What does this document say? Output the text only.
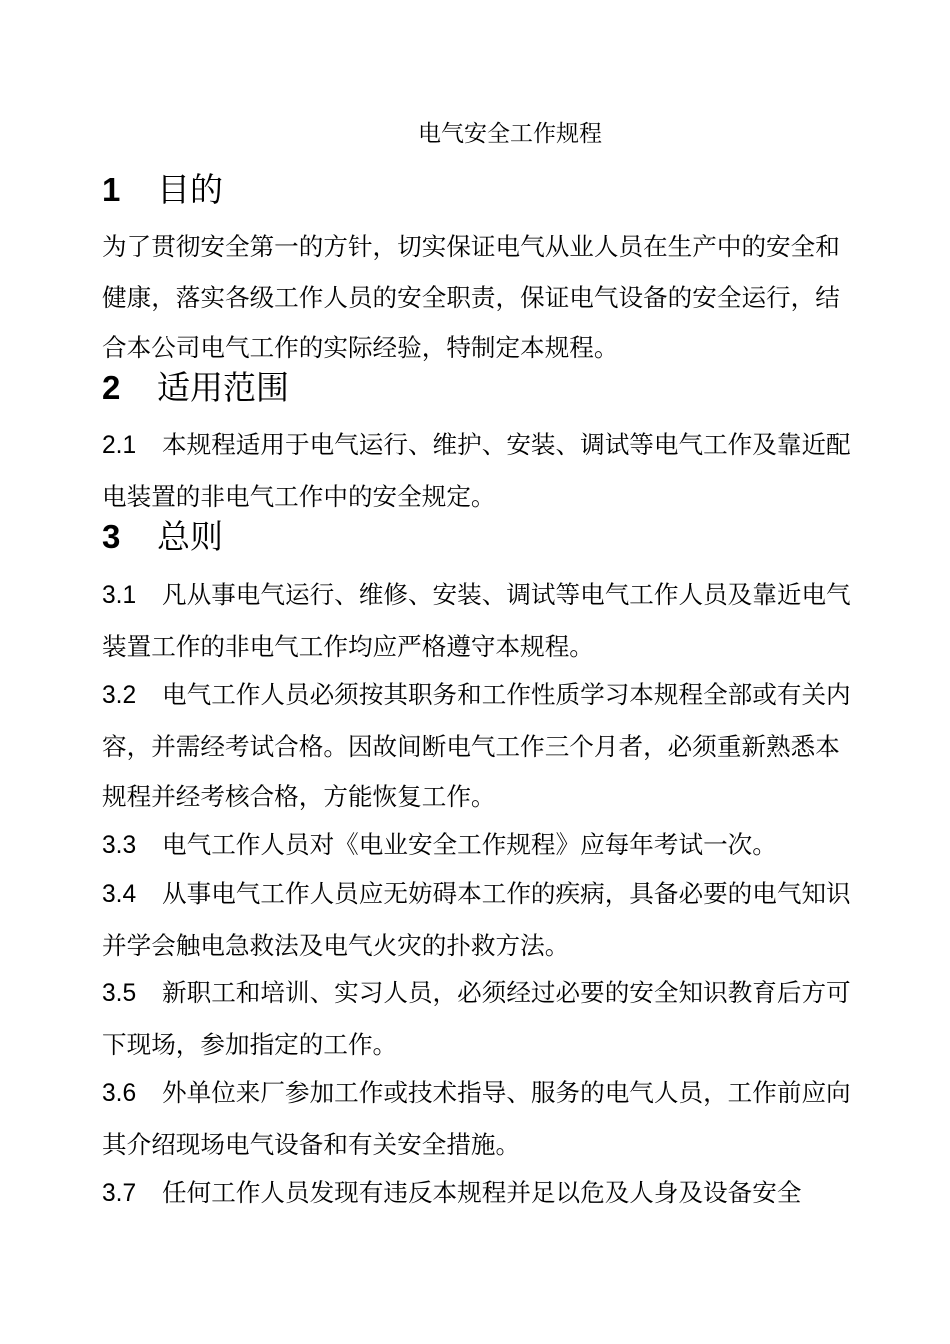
电气安全工作规程
1 目的

为了贯彻安全第一的方针，切实保证电气从业人员在生产中的安全和健康，落实各级工作人员的安全职责，保证电气设备的安全运行，结合本公司电气工作的实际经验，特制定本规程。

2 适用范围

2.1 本规程适用于电气运行、维护、安装、调试等电气工作及靠近配电装置的非电气工作中的安全规定。

3 总则

3.1 凡从事电气运行、维修、安装、调试等电气工作人员及靠近电气装置工作的非电气工作均应严格遵守本规程。

3.2 电气工作人员必须按其职务和工作性质学习本规程全部或有关内容，并需经考试合格。因故间断电气工作三个月者，必须重新熟悉本规程并经考核合格，方能恢复工作。

3.3 电气工作人员对《电业安全工作规程》应每年考试一次。

3.4 从事电气工作人员应无妨碍本工作的疾病，具备必要的电气知识并学会触电急救法及电气火灾的扑救方法。

3.5 新职工和培训、实习人员，必须经过必要的安全知识教育后方可下现场，参加指定的工作。

3.6 外单位来厂参加工作或技术指导、服务的电气人员，工作前应向其介绍现场电气设备和有关安全措施。

3.7 任何工作人员发现有违反本规程并足以危及人身及设备安全
